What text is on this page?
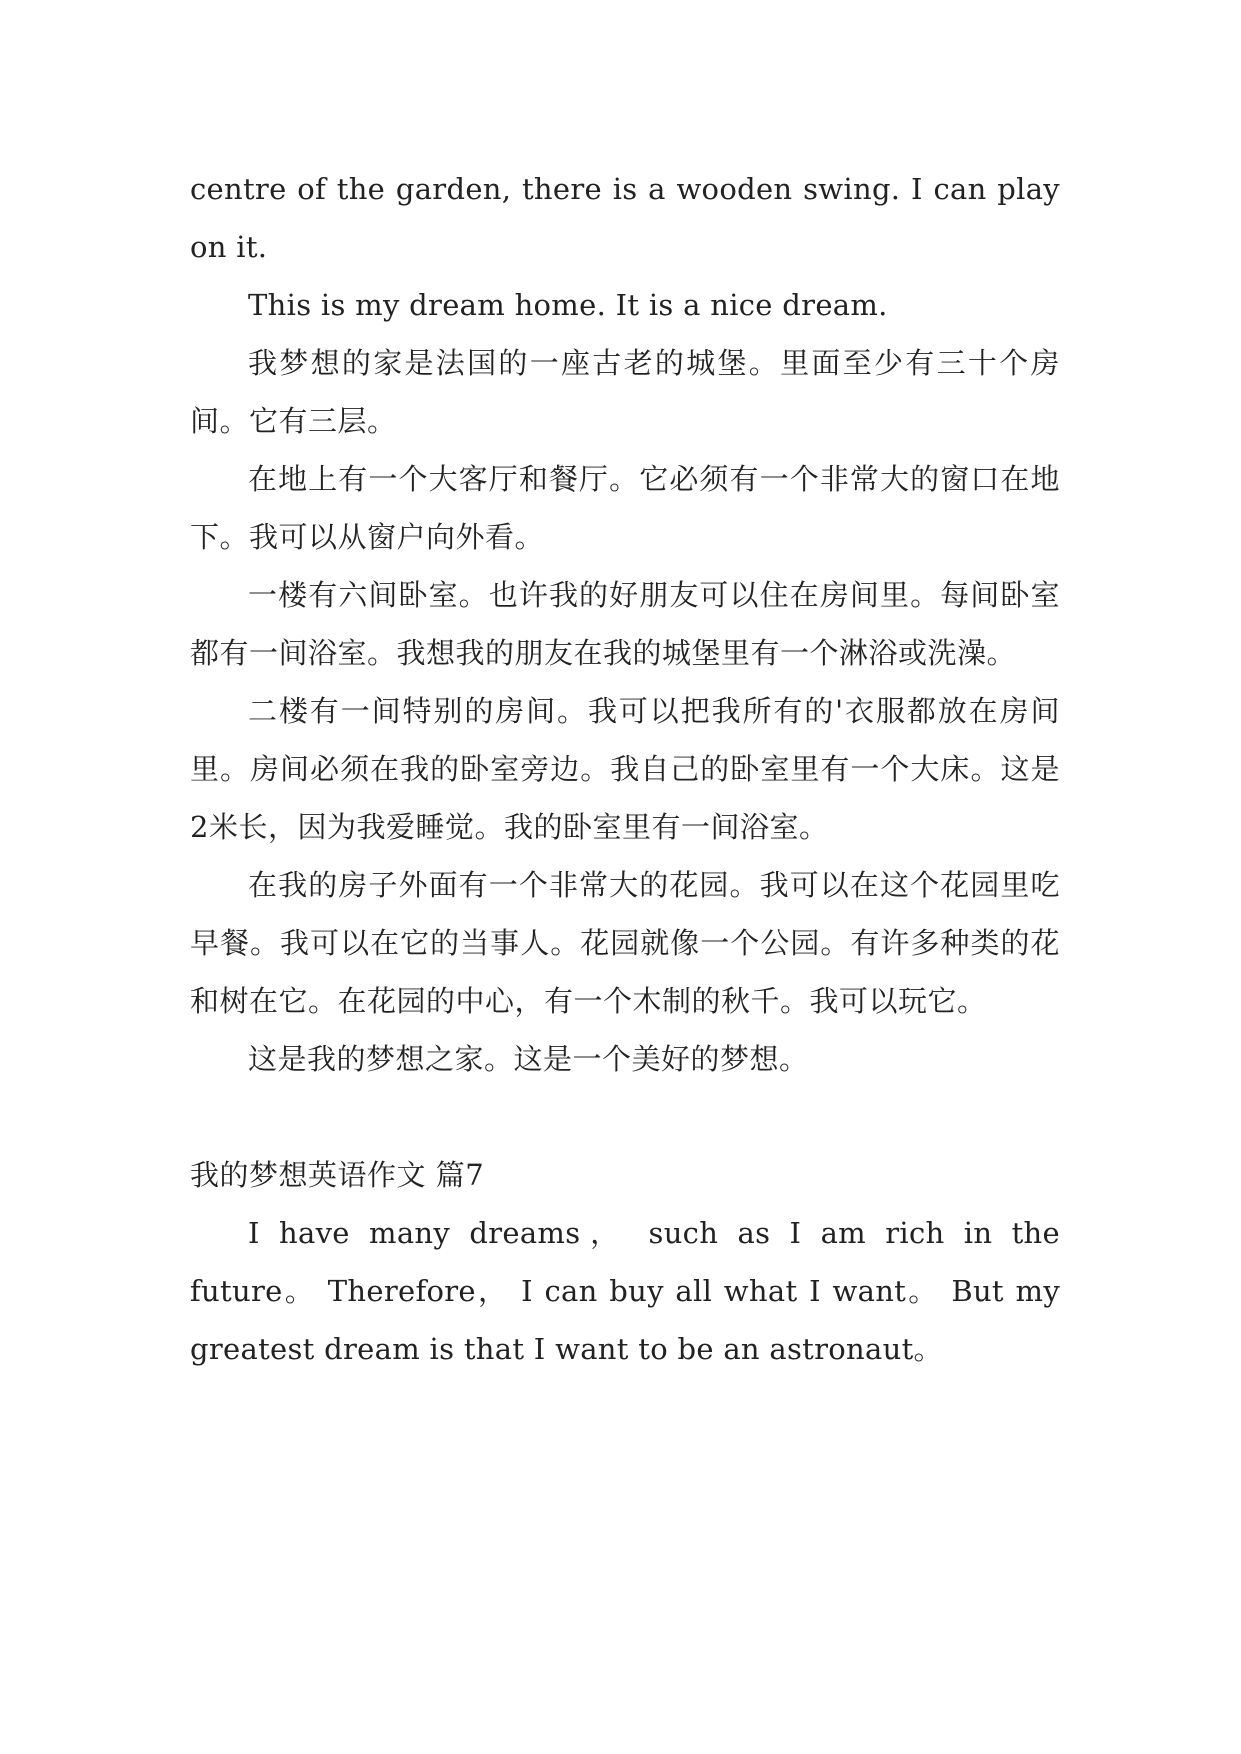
centre of the garden, there is a wooden swing. I can play on it.

This is my dream home. It is a nice dream.

我梦想的家是法国的一座古老的城堡。里面至少有三十个房间。它有三层。

在地上有一个大客厅和餐厅。它必须有一个非常大的窗口在地下。我可以从窗户向外看。

一楼有六间卧室。也许我的好朋友可以住在房间里。每间卧室都有一间浴室。我想我的朋友在我的城堡里有一个淋浴或洗澡。

二楼有一间特别的房间。我可以把我所有的'衣服都放在房间里。房间必须在我的卧室旁边。我自己的卧室里有一个大床。这是2米长，因为我爱睡觉。我的卧室里有一间浴室。

在我的房子外面有一个非常大的花园。我可以在这个花园里吃早餐。我可以在它的当事人。花园就像一个公园。有许多种类的花和树在它。在花园的中心，有一个木制的秋千。我可以玩它。

这是我的梦想之家。这是一个美好的梦想。

我的梦想英语作文 篇7

I have many dreams， such as I am rich in the future。 Therefore， I can buy all what I want。 But my greatest dream is that I want to be an astronaut。
